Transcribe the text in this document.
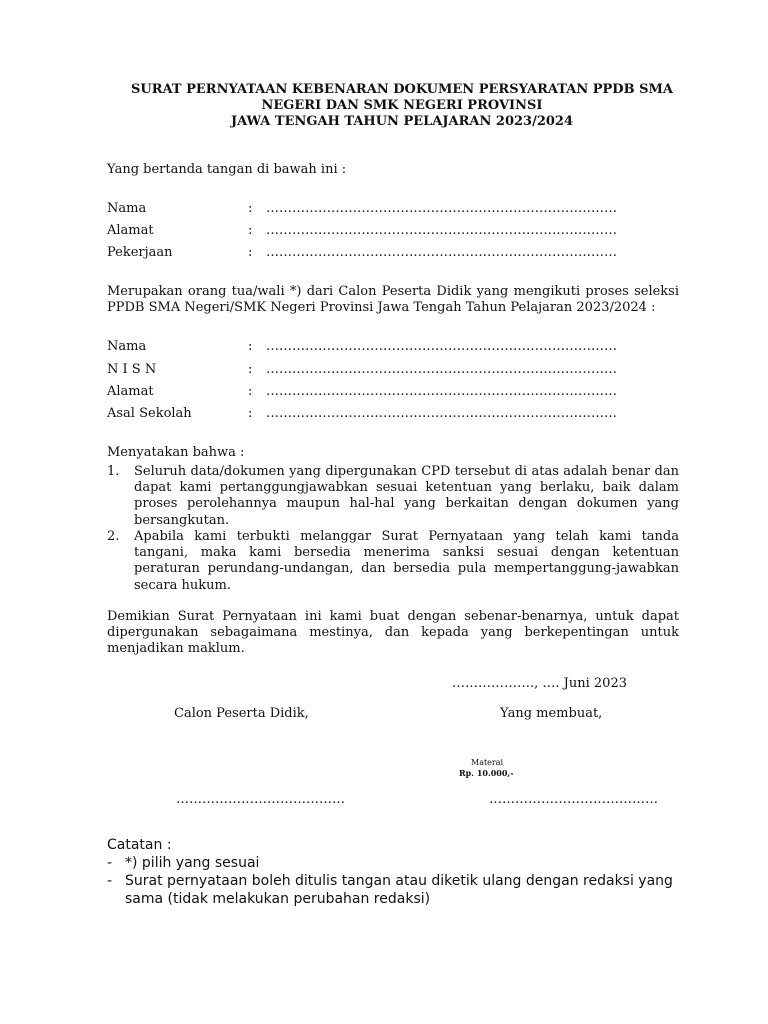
SURAT PERNYATAAN KEBENARAN DOKUMEN PERSYARATAN PPDB SMA
NEGERI DAN SMK NEGERI PROVINSI
JAWA TENGAH TAHUN PELAJARAN 2023/2024
Yang bertanda tangan di bawah ini :
Nama	: ………………………………………………………………………
Alamat	: ………………………………………………………………………
Pekerjaan	: ………………………………………………………………………
Merupakan orang tua/wali *) dari Calon Peserta Didik yang mengikuti proses seleksi PPDB SMA Negeri/SMK Negeri Provinsi Jawa Tengah Tahun Pelajaran 2023/2024 :
Nama	: ………………………………………………………………………
N I S N	: ………………………………………………………………………
Alamat	: ………………………………………………………………………
Asal Sekolah	: ………………………………………………………………………
Menyatakan bahwa :
1. Seluruh data/dokumen yang dipergunakan CPD tersebut di atas adalah benar dan dapat kami pertanggungjawabkan sesuai ketentuan yang berlaku, baik dalam proses perolehannya maupun hal-hal yang berkaitan dengan dokumen yang bersangkutan.
2. Apabila kami terbukti melanggar Surat Pernyataan yang telah kami tanda tangani, maka kami bersedia menerima sanksi sesuai dengan ketentuan peraturan perundang-undangan, dan bersedia pula mempertanggung-jawabkan secara hukum.
Demikian Surat Pernyataan ini kami buat dengan sebenar-benarnya, untuk dapat dipergunakan sebagaimana mestinya, dan kepada yang berkepentingan untuk menjadikan maklum.
………………., …. Juni 2023
Calon Peserta Didik,	Yang membuat,
Materai
Rp. 10.000,-
…………………………………	…………………………………
Catatan :
- *) pilih yang sesuai
- Surat pernyataan boleh ditulis tangan atau diketik ulang dengan redaksi yang sama (tidak melakukan perubahan redaksi)
